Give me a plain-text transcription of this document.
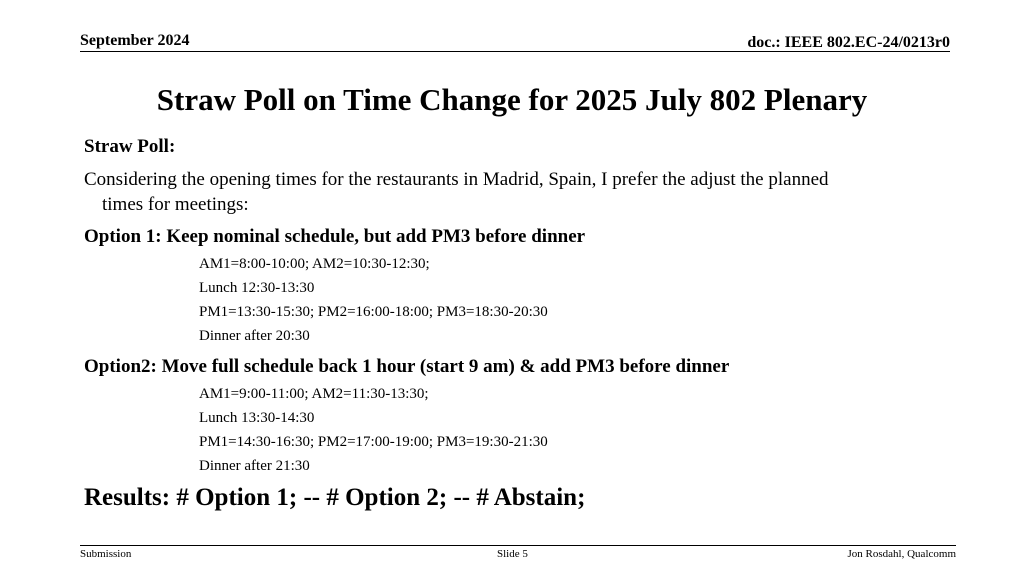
September 2024	doc.: IEEE 802.EC-24/0213r0
Straw Poll on Time Change for 2025 July 802 Plenary
Straw Poll:
Considering the opening times for the restaurants in Madrid, Spain, I prefer the adjust the planned
times for meetings:
Option 1: Keep nominal schedule, but add PM3 before dinner
AM1=8:00-10:00; AM2=10:30-12:30;
Lunch 12:30-13:30
PM1=13:30-15:30; PM2=16:00-18:00; PM3=18:30-20:30
Dinner after 20:30
Option2: Move full schedule back 1 hour (start 9 am) & add PM3 before dinner
AM1=9:00-11:00; AM2=11:30-13:30;
Lunch 13:30-14:30
PM1=14:30-16:30; PM2=17:00-19:00; PM3=19:30-21:30
Dinner after 21:30
Results: # Option 1; -- # Option 2; -- # Abstain;
Submission	Slide 5	Jon Rosdahl, Qualcomm
